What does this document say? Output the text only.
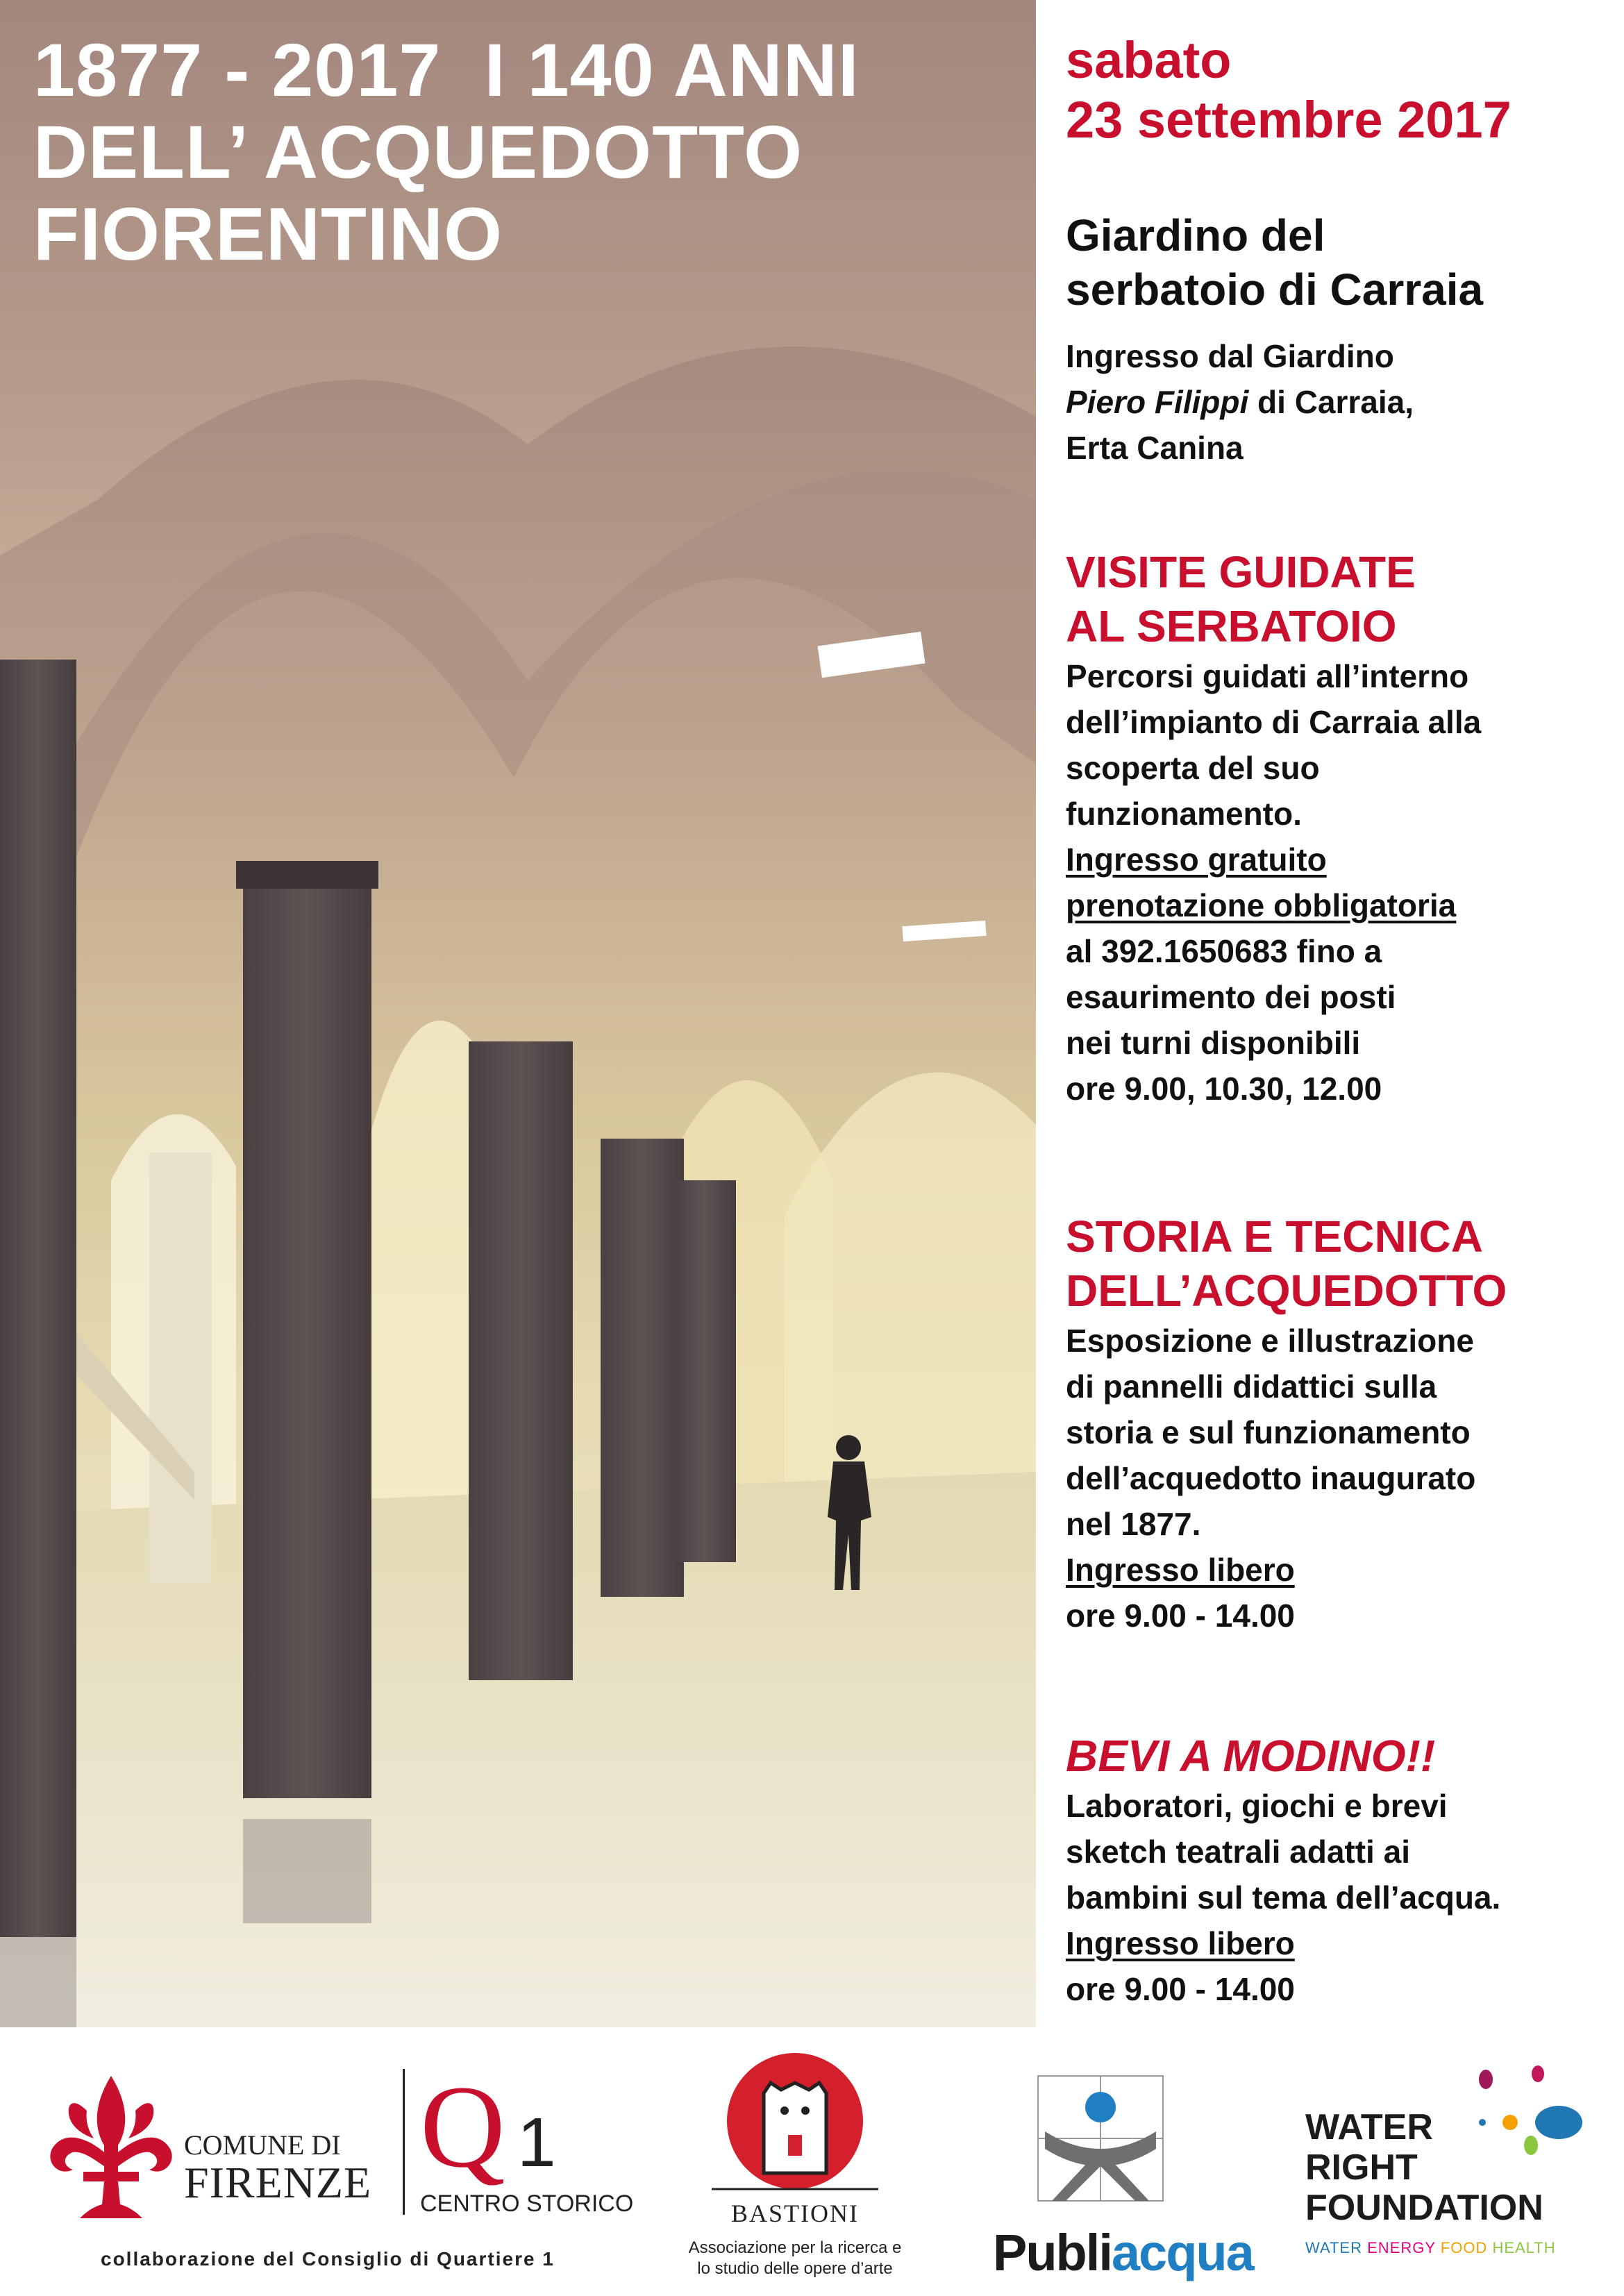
1877 - 2017  I 140 ANNI
DELL’ ACQUEDOTTO
FIORENTINO
sabato
23 settembre 2017
Giardino del
serbatoio di Carraia
Ingresso dal Giardino
Piero Filippi di Carraia,
Erta Canina
VISITE GUIDATE
AL SERBATOIO
Percorsi guidati all’interno
dell’impianto di Carraia alla
scoperta del suo
funzionamento.
Ingresso gratuito
prenotazione obbligatoria
al 392.1650683 fino a
esaurimento dei posti
nei turni disponibili
ore 9.00, 10.30, 12.00
STORIA E TECNICA
DELL’ACQUEDOTTO
Esposizione e illustrazione
di pannelli didattici sulla
storia e sul funzionamento
dell’acquedotto inaugurato
nel 1877.
Ingresso libero
ore 9.00 - 14.00
BEVI A MODINO!!
Laboratori, giochi e brevi
sketch teatrali adatti ai
bambini sul tema dell’acqua.
Ingresso libero
ore 9.00 - 14.00
COMUNE DI
FIRENZE Q 1
CENTRO STORICO
collaborazione del Consiglio di Quartiere 1
BASTIONI
Associazione per la ricerca e
lo studio delle opere d’arte Publiacqua
WATER
RIGHT
FOUNDATION
WATER ENERGY FOOD HEALTH
